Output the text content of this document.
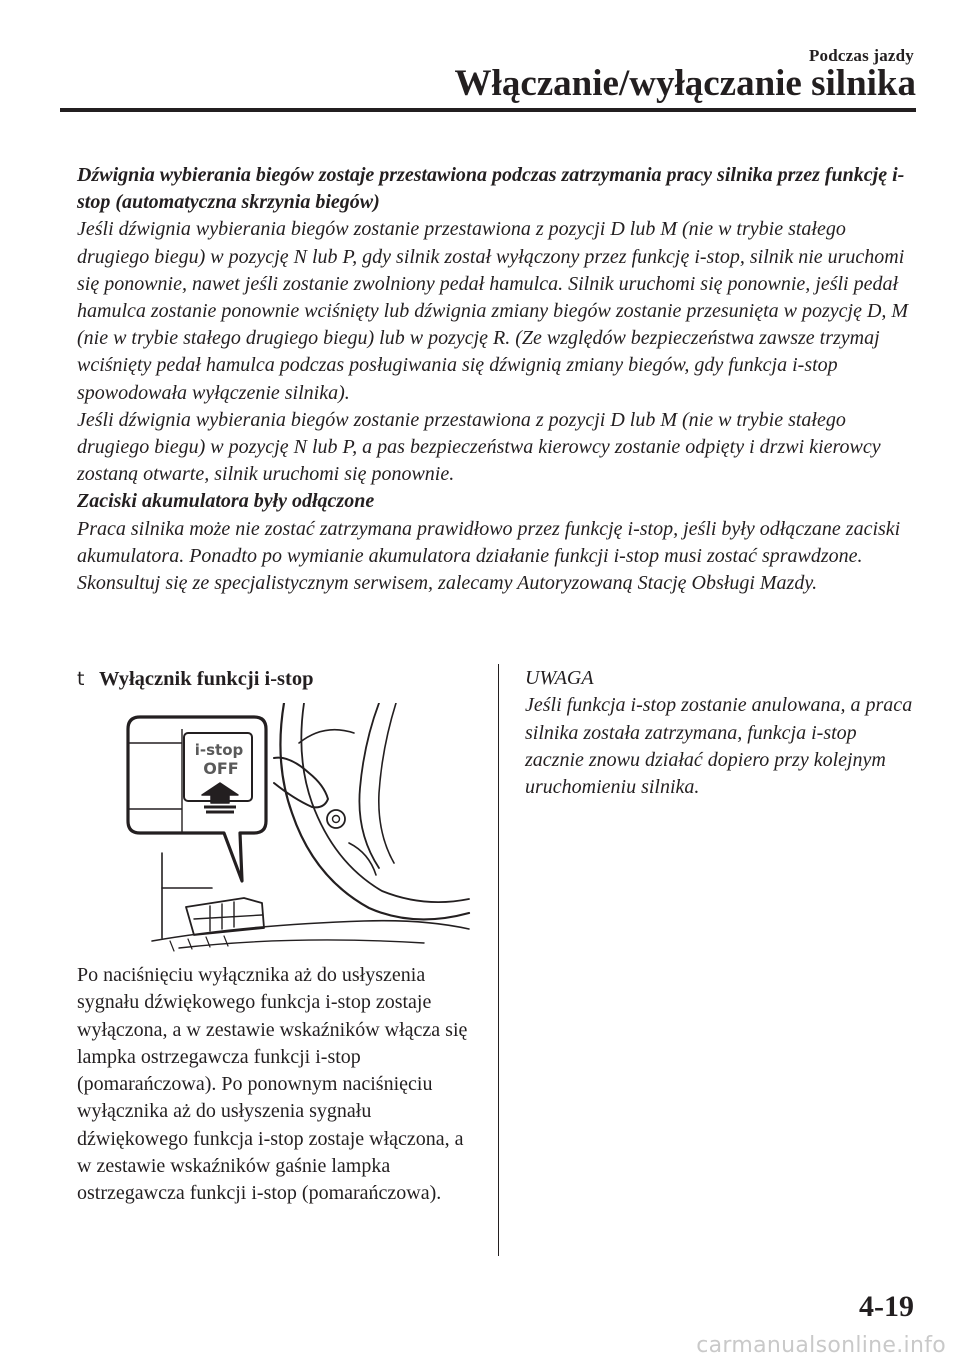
Podczas jazdy
Włączanie/wyłączanie silnika

Dźwignia wybierania biegów zostaje przestawiona podczas zatrzymania pracy silnika przez funkcję i-stop (automatyczna skrzynia biegów)

Jeśli dźwignia wybierania biegów zostanie przestawiona z pozycji D lub M (nie w trybie stałego drugiego biegu) w pozycję N lub P, gdy silnik został wyłączony przez funkcję i-stop, silnik nie uruchomi się ponownie, nawet jeśli zostanie zwolniony pedał hamulca. Silnik uruchomi się ponownie, jeśli pedał hamulca zostanie ponownie wciśnięty lub dźwignia zmiany biegów zostanie przesunięta w pozycję D, M (nie w trybie stałego drugiego biegu) lub w pozycję R. (Ze względów bezpieczeństwa zawsze trzymaj wciśnięty pedał hamulca podczas posługiwania się dźwignią zmiany biegów, gdy funkcja i-stop spowodowała wyłączenie silnika).

Jeśli dźwignia wybierania biegów zostanie przestawiona z pozycji D lub M (nie w trybie stałego drugiego biegu) w pozycję N lub P, a pas bezpieczeństwa kierowcy zostanie odpięty i drzwi kierowcy zostaną otwarte, silnik uruchomi się ponownie.

Zaciski akumulatora były odłączone

Praca silnika może nie zostać zatrzymana prawidłowo przez funkcję i-stop, jeśli były odłączane zaciski akumulatora. Ponadto po wymianie akumulatora działanie funkcji i-stop musi zostać sprawdzone. Skonsultuj się ze specjalistycznym serwisem, zalecamy Autoryzowaną Stację Obsługi Mazdy.

t Wyłącznik funkcji i-stop
i-stop
OFF

Po naciśnięciu wyłącznika aż do usłyszenia sygnału dźwiękowego funkcja i-stop zostaje wyłączona, a w zestawie wskaźników włącza się lampka ostrzegawcza funkcji i-stop (pomarańczowa). Po ponownym naciśnięciu wyłącznika aż do usłyszenia sygnału dźwiękowego funkcja i-stop zostaje włączona, a w zestawie wskaźników gaśnie lampka ostrzegawcza funkcji i-stop (pomarańczowa).

UWAGA

Jeśli funkcja i-stop zostanie anulowana, a praca silnika została zatrzymana, funkcja i-stop zacznie znowu działać dopiero przy kolejnym uruchomieniu silnika.

4-19
carmanualsonline.info
